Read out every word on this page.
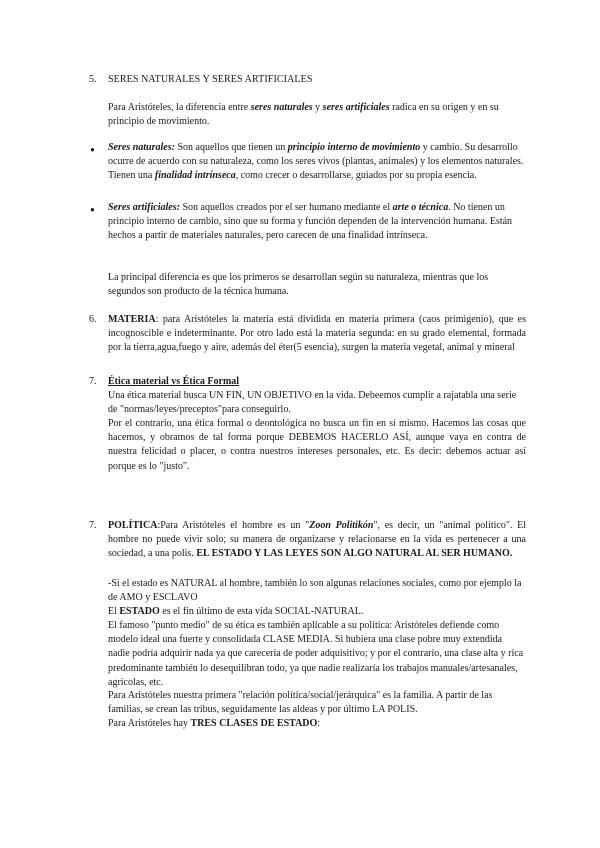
5. SERES NATURALES Y SERES ARTIFICIALES

Para Aristóteles, la diferencia entre seres naturales y seres artificiales radica en su origen y en su principio de movimiento.

● Seres naturales: Son aquellos que tienen un principio interno de movimiento y cambio. Su desarrollo ocurre de acuerdo con su naturaleza, como los seres vivos (plantas, animales) y los elementos naturales. Tienen una finalidad intrínseca, como crecer o desarrollarse, guiados por su propia esencia.

● Seres artificiales: Son aquellos creados por el ser humano mediante el arte o técnica. No tienen un principio interno de cambio, sino que su forma y función dependen de la intervención humana. Están hechos a partir de materiales naturales, pero carecen de una finalidad intrínseca.

La principal diferencia es que los primeros se desarrollan según su naturaleza, mientras que los segundos son producto de la técnica humana.

6. MATERIA: para Aristóteles la materia está dividida en materia primera (caos primigenio), que es incognoscible e indeterminante. Por otro lado está la materia segunda: en su grado elemental, formada por la tierra,agua,fuego y aire, además del éter(5 esencia), surgen la materia vegetal, animal y mineral

7. Ética material vs Ética Formal

Una ética material busca UN FIN, UN OBJETIVO en la vida. Debeemos cumplir a rajatabla una serie de "normas/leyes/preceptos"para conseguirlo.

Por el contrario, una ética formal o deontológica no busca un fin en sí mismo. Hacemos las cosas que hacemos, y obramos de tal forma porque DEBEMOS HACERLO ASÍ, aunque vaya en contra de nuestra felicidad o placer, o contra nuestros intereses personales, etc. Es decir: debemos actuar así porque es lo "justo".

7. POLÍTICA:Para Aristóteles el hombre es un "Zoon Politikón", es decir, un "animal político". El hombre no puede vivir solo; su manera de organizarse y relacionarse en la vida es pertenecer a una sociedad, a una polis. EL ESTADO Y LAS LEYES SON ALGO NATURAL AL SER HUMANO.

-Si el estado es NATURAL al hombre, también lo son algunas relaciones sociales, como por ejemplo la de AMO y ESCLAVO

El ESTADO es el fin último de esta vida SOCIAL-NATURAL.

El famoso "punto medio" de su ética es también aplicable a su política: Aristóteles defiende como modelo ideal una fuerte y consolidada CLASE MEDIA. Si hubiera una clase pobre muy extendida nadie podría adquirir nada ya que carecería de poder adquisitivo; y por el contrario, una clase alta y rica predominante también lo desequilibran todo, ya que nadie realizaría los trabajos manuales/artesanales, agrícolas, etc.

Para Aristóteles nuestra primera "relación política/social/jerárquica" es la familia. A partir de las familias, se crean las tribus, seguidamente las aldeas y por último LA POLIS.

Para Aristóteles hay TRES CLASES DE ESTADO:
